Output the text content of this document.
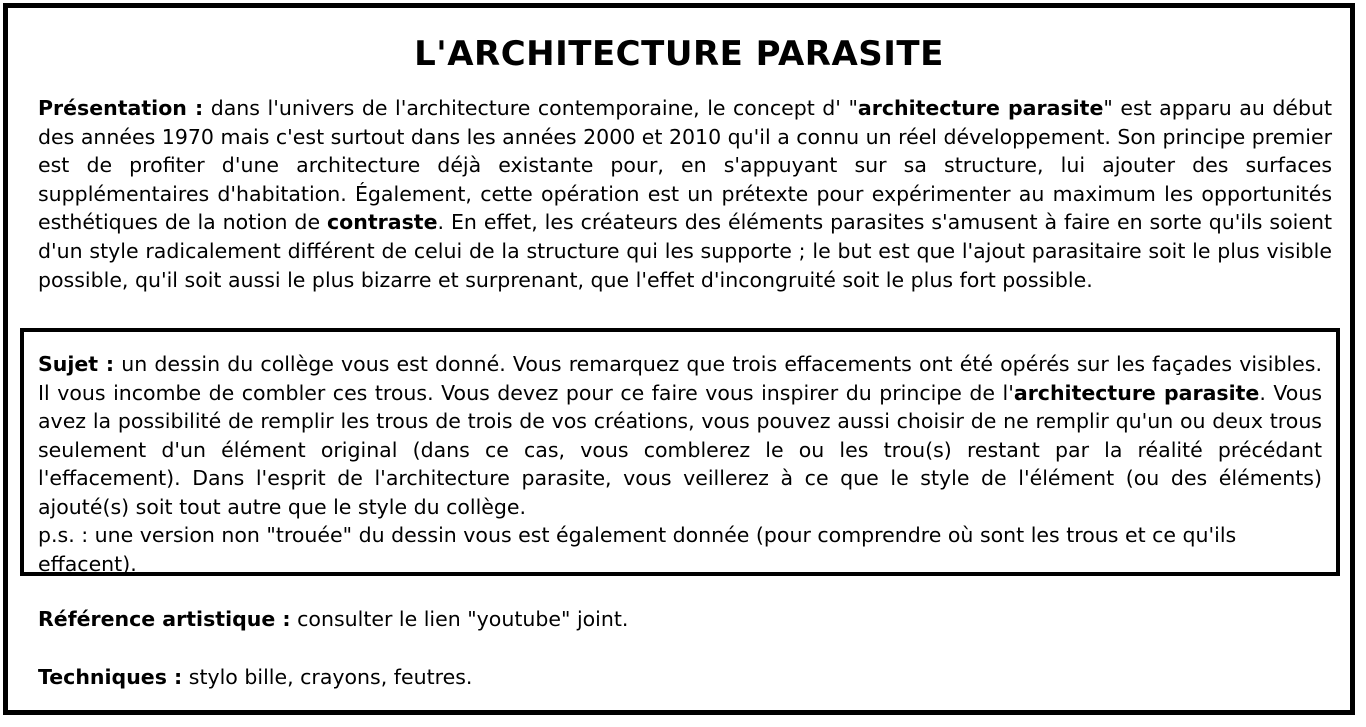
L'ARCHITECTURE PARASITE

Présentation : dans l'univers de l'architecture contemporaine, le concept d' "architecture parasite" est apparu au début des années 1970 mais c'est surtout dans les années 2000 et 2010 qu'il a connu un réel développement. Son principe premier est de profiter d'une architecture déjà existante pour, en s'appuyant sur sa structure, lui ajouter des surfaces supplémentaires d'habitation. Également, cette opération est un prétexte pour expérimenter au maximum les opportunités esthétiques de la notion de contraste. En effet, les créateurs des éléments parasites s'amusent à faire en sorte qu'ils soient d'un style radicalement différent de celui de la structure qui les supporte ; le but est que l'ajout parasitaire soit le plus visible possible, qu'il soit aussi le plus bizarre et surprenant, que l'effet d'incongruité soit le plus fort possible.

Sujet : un dessin du collège vous est donné. Vous remarquez que trois effacements ont été opérés sur les façades visibles. Il vous incombe de combler ces trous. Vous devez pour ce faire vous inspirer du principe de l'architecture parasite. Vous avez la possibilité de remplir les trous de trois de vos créations, vous pouvez aussi choisir de ne remplir qu'un ou deux trous seulement d'un élément original (dans ce cas, vous comblerez le ou les trou(s) restant par la réalité précédant l'effacement). Dans l'esprit de l'architecture parasite, vous veillerez à ce que le style de l'élément (ou des éléments) ajouté(s) soit tout autre que le style du collège.

p.s. : une version non "trouée" du dessin vous est également donnée (pour comprendre où sont les trous et ce qu'ils effacent).

Référence artistique : consulter le lien "youtube" joint.

Techniques : stylo bille, crayons, feutres.
